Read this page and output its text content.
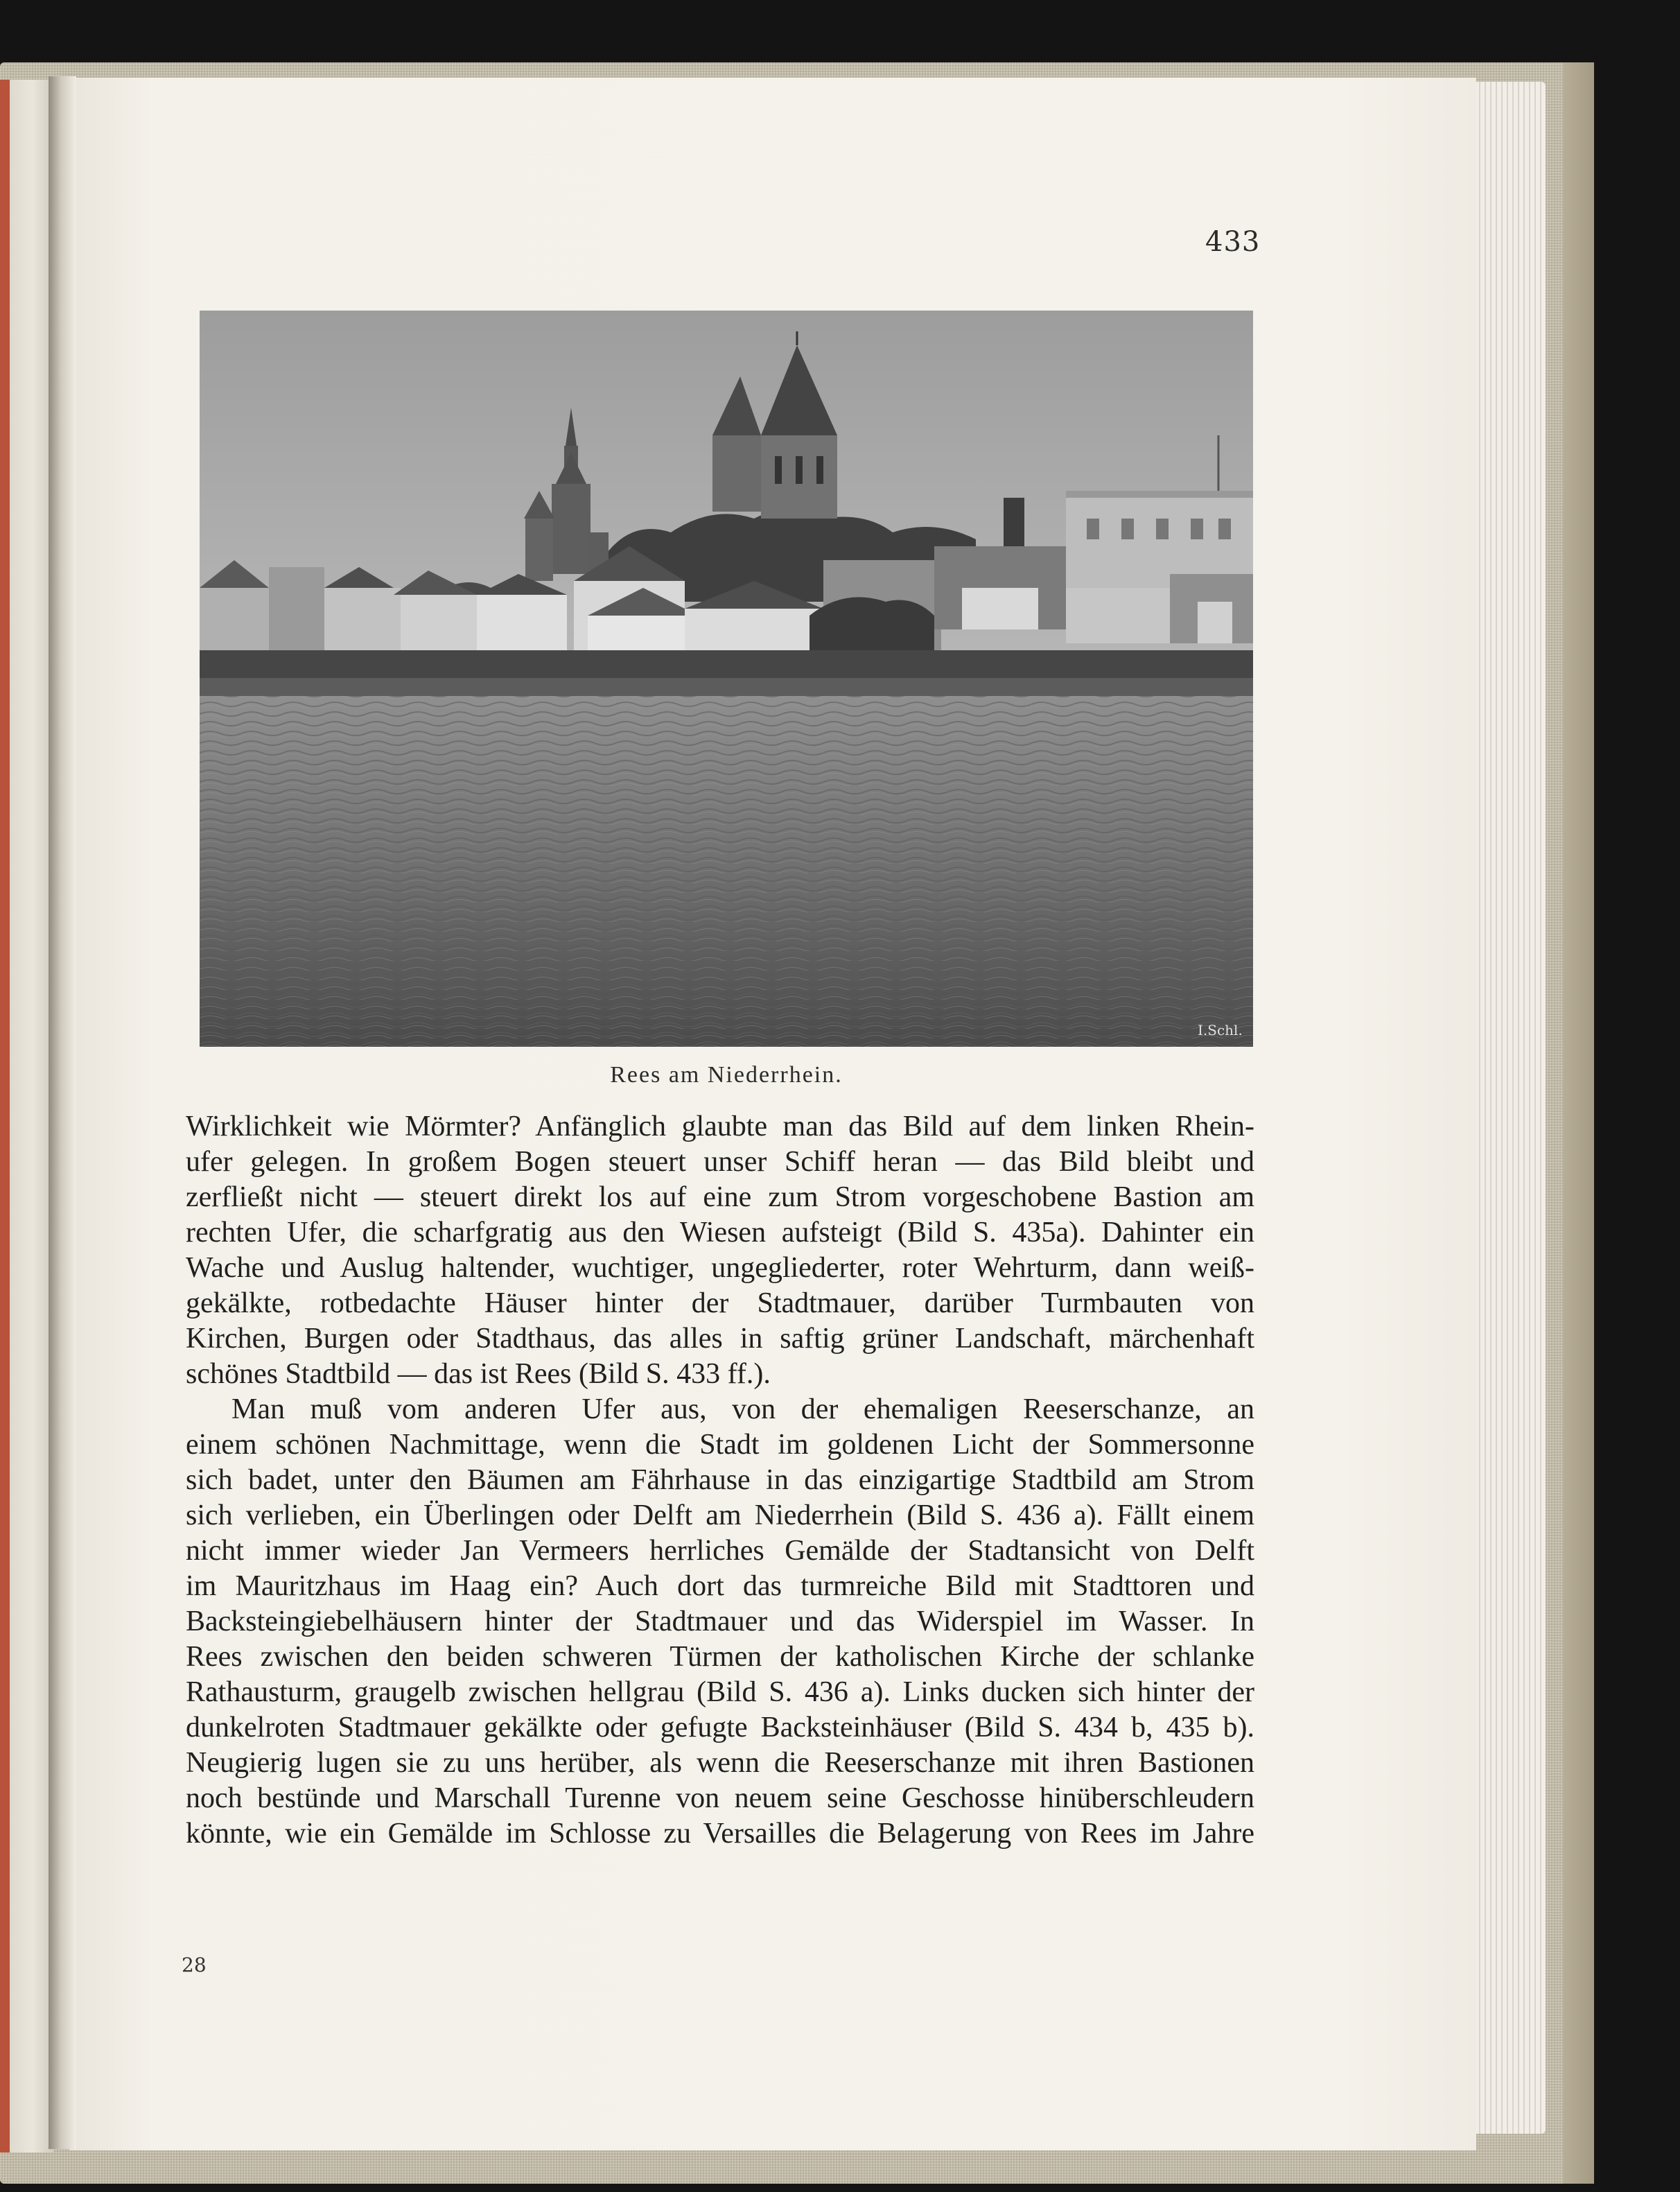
433
I.Schl.
Rees am Niederrhein.
Wirklichkeit wie Mörmter? Anfänglich glaubte man das Bild auf dem linken Rhein-
ufer gelegen. In großem Bogen steuert unser Schiff heran — das Bild bleibt und
zerfließt nicht — steuert direkt los auf eine zum Strom vorgeschobene Bastion am
rechten Ufer, die scharfgratig aus den Wiesen aufsteigt (Bild S. 435a). Dahinter ein
Wache und Auslug haltender, wuchtiger, ungegliederter, roter Wehrturm, dann weiß-
gekälkte, rotbedachte Häuser hinter der Stadtmauer, darüber Turmbauten von
Kirchen, Burgen oder Stadthaus, das alles in saftig grüner Landschaft, märchenhaft
schönes Stadtbild — das ist Rees (Bild S. 433 ff.).
Man muß vom anderen Ufer aus, von der ehemaligen Reeserschanze, an
einem schönen Nachmittage, wenn die Stadt im goldenen Licht der Sommersonne
sich badet, unter den Bäumen am Fährhause in das einzigartige Stadtbild am Strom
sich verlieben, ein Überlingen oder Delft am Niederrhein (Bild S. 436 a). Fällt einem
nicht immer wieder Jan Vermeers herrliches Gemälde der Stadtansicht von Delft
im Mauritzhaus im Haag ein? Auch dort das turmreiche Bild mit Stadttoren und
Backsteingiebelhäusern hinter der Stadtmauer und das Widerspiel im Wasser. In
Rees zwischen den beiden schweren Türmen der katholischen Kirche der schlanke
Rathausturm, graugelb zwischen hellgrau (Bild S. 436 a). Links ducken sich hinter der
dunkelroten Stadtmauer gekälkte oder gefugte Backsteinhäuser (Bild S. 434 b, 435 b).
Neugierig lugen sie zu uns herüber, als wenn die Reeserschanze mit ihren Bastionen
noch bestünde und Marschall Turenne von neuem seine Geschosse hinüberschleudern
könnte, wie ein Gemälde im Schlosse zu Versailles die Belagerung von Rees im Jahre
28
